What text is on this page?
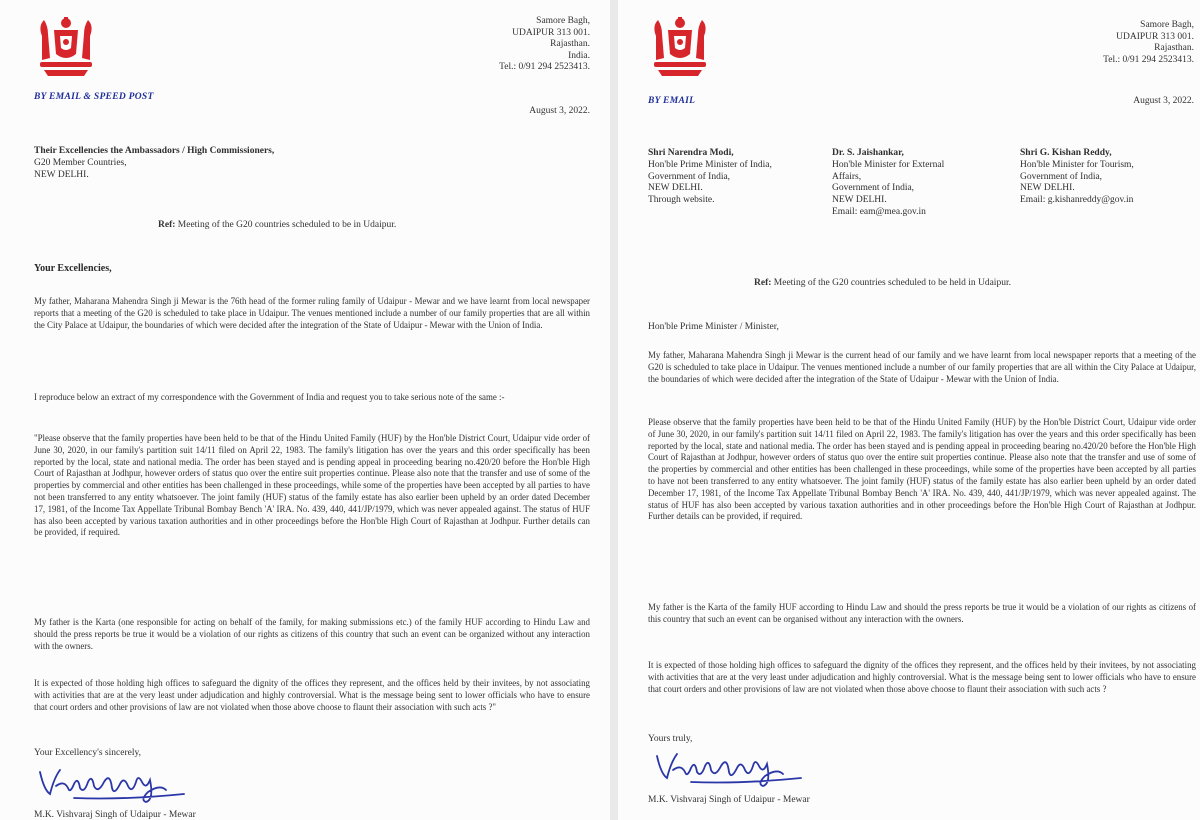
Samore Bagh,
UDAIPUR 313 001.
Rajasthan.
India.
Tel.: 0/91 294 2523413.
BY EMAIL & SPEED POST
August 3, 2022.
Their Excellencies the Ambassadors / High Commissioners,
G20 Member Countries,
NEW DELHI.
Ref: Meeting of the G20 countries scheduled to be in Udaipur.
Your Excellencies,
My father, Maharana Mahendra Singh ji Mewar is the 76th head of the former ruling family of Udaipur - Mewar and we have learnt from local newspaper reports that a meeting of the G20 is scheduled to take place in Udaipur. The venues mentioned include a number of our family properties that are all within the City Palace at Udaipur, the boundaries of which were decided after the integration of the State of Udaipur - Mewar with the Union of India.
I reproduce below an extract of my correspondence with the Government of India and request you to take serious note of the same :-
"Please observe that the family properties have been held to be that of the Hindu United Family (HUF) by the Hon'ble District Court, Udaipur vide order of June 30, 2020, in our family's partition suit 14/11 filed on April 22, 1983. The family's litigation has over the years and this order specifically has been reported by the local, state and national media. The order has been stayed and is pending appeal in proceeding bearing no.420/20 before the Hon'ble High Court of Rajasthan at Jodhpur, however orders of status quo over the entire suit properties continue. Please also note that the transfer and use of some of the properties by commercial and other entities has been challenged in these proceedings, while some of the properties have been accepted by all parties to have not been transferred to any entity whatsoever. The joint family (HUF) status of the family estate has also earlier been upheld by an order dated December 17, 1981, of the Income Tax Appellate Tribunal Bombay Bench 'A' IRA. No. 439, 440, 441/JP/1979, which was never appealed against. The status of HUF has also been accepted by various taxation authorities and in other proceedings before the Hon'ble High Court of Rajasthan at Jodhpur. Further details can be provided, if required.
My father is the Karta (one responsible for acting on behalf of the family, for making submissions etc.) of the family HUF according to Hindu Law and should the press reports be true it would be a violation of our rights as citizens of this country that such an event can be organized without any interaction with the owners.
It is expected of those holding high offices to safeguard the dignity of the offices they represent, and the offices held by their invitees, by not associating with activities that are at the very least under adjudication and highly controversial. What is the message being sent to lower officials who have to ensure that court orders and other provisions of law are not violated when those above choose to flaunt their association with such acts ?"
Your Excellency's sincerely,
M.K. Vishvaraj Singh of Udaipur - Mewar
Samore Bagh,
UDAIPUR 313 001.
Rajasthan.
Tel.: 0/91 294 2523413.
BY EMAIL	August 3, 2022.
Shri Narendra Modi,
Hon'ble Prime Minister of India,
Government of India,
NEW DELHI.
Through website.
Dr. S. Jaishankar,
Hon'ble Minister for External
Affairs,
Government of India,
NEW DELHI.
Email: eam@mea.gov.in
Shri G. Kishan Reddy,
Hon'ble Minister for Tourism,
Government of India,
NEW DELHI.
Email: g.kishanreddy@gov.in
Ref: Meeting of the G20 countries scheduled to be held in Udaipur.
Hon'ble Prime Minister / Minister,
My father, Maharana Mahendra Singh ji Mewar is the current head of our family and we have learnt from local newspaper reports that a meeting of the G20 is scheduled to take place in Udaipur. The venues mentioned include a number of our family properties that are all within the City Palace at Udaipur, the boundaries of which were decided after the integration of the State of Udaipur - Mewar with the Union of India.
Please observe that the family properties have been held to be that of the Hindu United Family (HUF) by the Hon'ble District Court, Udaipur vide order of June 30, 2020, in our family's partition suit 14/11 filed on April 22, 1983. The family's litigation has over the years and this order specifically has been reported by the local, state and national media. The order has been stayed and is pending appeal in proceeding bearing no.420/20 before the Hon'ble High Court of Rajasthan at Jodhpur, however orders of status quo over the entire suit properties continue. Please also note that the transfer and use of some of the properties by commercial and other entities has been challenged in these proceedings, while some of the properties have been accepted by all parties to have not been transferred to any entity whatsoever. The joint family (HUF) status of the family estate has also earlier been upheld by an order dated December 17, 1981, of the Income Tax Appellate Tribunal Bombay Bench 'A' IRA. No. 439, 440, 441/JP/1979, which was never appealed against. The status of HUF has also been accepted by various taxation authorities and in other proceedings before the Hon'ble High Court of Rajasthan at Jodhpur. Further details can be provided, if required.
My father is the Karta of the family HUF according to Hindu Law and should the press reports be true it would be a violation of our rights as citizens of this country that such an event can be organised without any interaction with the owners.
It is expected of those holding high offices to safeguard the dignity of the offices they represent, and the offices held by their invitees, by not associating with activities that are at the very least under adjudication and highly controversial. What is the message being sent to lower officials who have to ensure that court orders and other provisions of law are not violated when those above choose to flaunt their association with such acts ?
Yours truly,
M.K. Vishvaraj Singh of Udaipur - Mewar
